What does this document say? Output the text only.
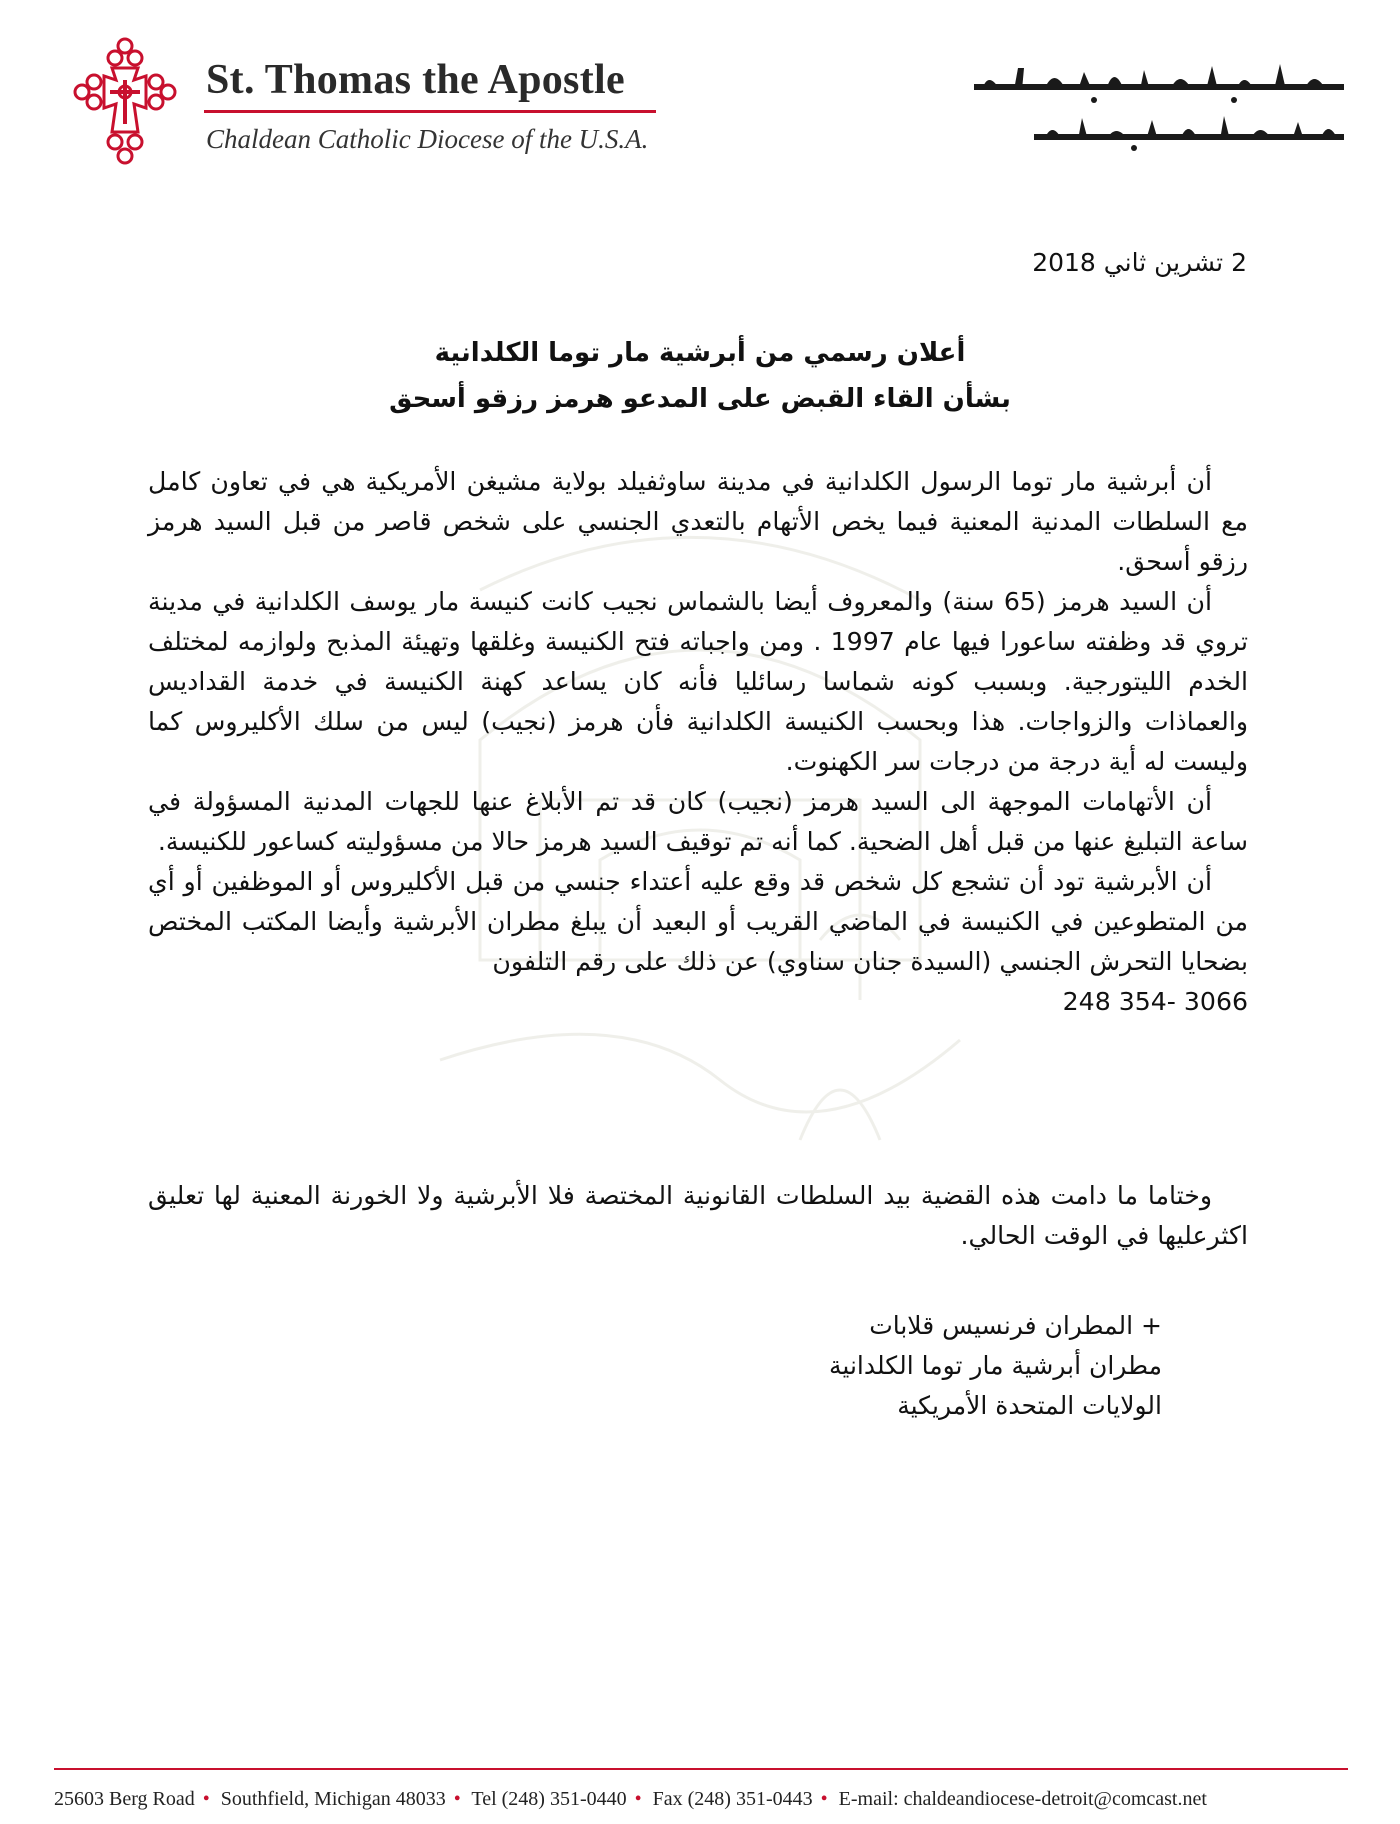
St. Thomas the Apostle
Chaldean Catholic Diocese of the U.S.A.
2 تشرين ثاني 2018
أعلان رسمي من أبرشية مار توما الكلدانية
بشأن القاء القبض على المدعو هرمز رزقو أسحق

أن أبرشية مار توما الرسول الكلدانية في مدينة ساوثفيلد بولاية مشيغن الأمريكية هي في تعاون كامل مع السلطات المدنية المعنية فيما يخص الأتهام بالتعدي الجنسي على شخص قاصر من قبل السيد هرمز رزقو أسحق.

أن السيد هرمز (65 سنة) والمعروف أيضا بالشماس نجيب كانت كنيسة مار يوسف الكلدانية في مدينة تروي قد وظفته ساعورا فيها عام 1997 . ومن واجباته فتح الكنيسة وغلقها وتهيئة المذبح ولوازمه لمختلف الخدم الليتورجية. وبسبب كونه شماسا رسائليا فأنه كان يساعد كهنة الكنيسة في خدمة القداديس والعماذات والزواجات. هذا وبحسب الكنيسة الكلدانية فأن هرمز (نجيب) ليس من سلك الأكليروس كما وليست له أية درجة من درجات سر الكهنوت.

أن الأتهامات الموجهة الى السيد هرمز (نجيب) كان قد تم الأبلاغ عنها للجهات المدنية المسؤولة في ساعة التبليغ عنها من قبل أهل الضحية. كما أنه تم توقيف السيد هرمز حالا من مسؤوليته كساعور للكنيسة.

أن الأبرشية تود أن تشجع كل شخص قد وقع عليه أعتداء جنسي من قبل الأكليروس أو الموظفين أو أي من المتطوعين في الكنيسة في الماضي القريب أو البعيد أن يبلغ مطران الأبرشية وأيضا المكتب المختص بضحايا التحرش الجنسي (السيدة جنان سناوي) عن ذلك على رقم التلفون

248 354- 3066

وختاما ما دامت هذه القضية بيد السلطات القانونية المختصة فلا الأبرشية ولا الخورنة المعنية لها تعليق اكثرعليها في الوقت الحالي.

+ المطران فرنسيس قلابات
مطران أبرشية مار توما الكلدانية
الولايات المتحدة الأمريكية
25603 Berg Road • Southfield, Michigan 48033 • Tel (248) 351-0440 • Fax (248) 351-0443 • E-mail: chaldeandiocese-detroit@comcast.net
